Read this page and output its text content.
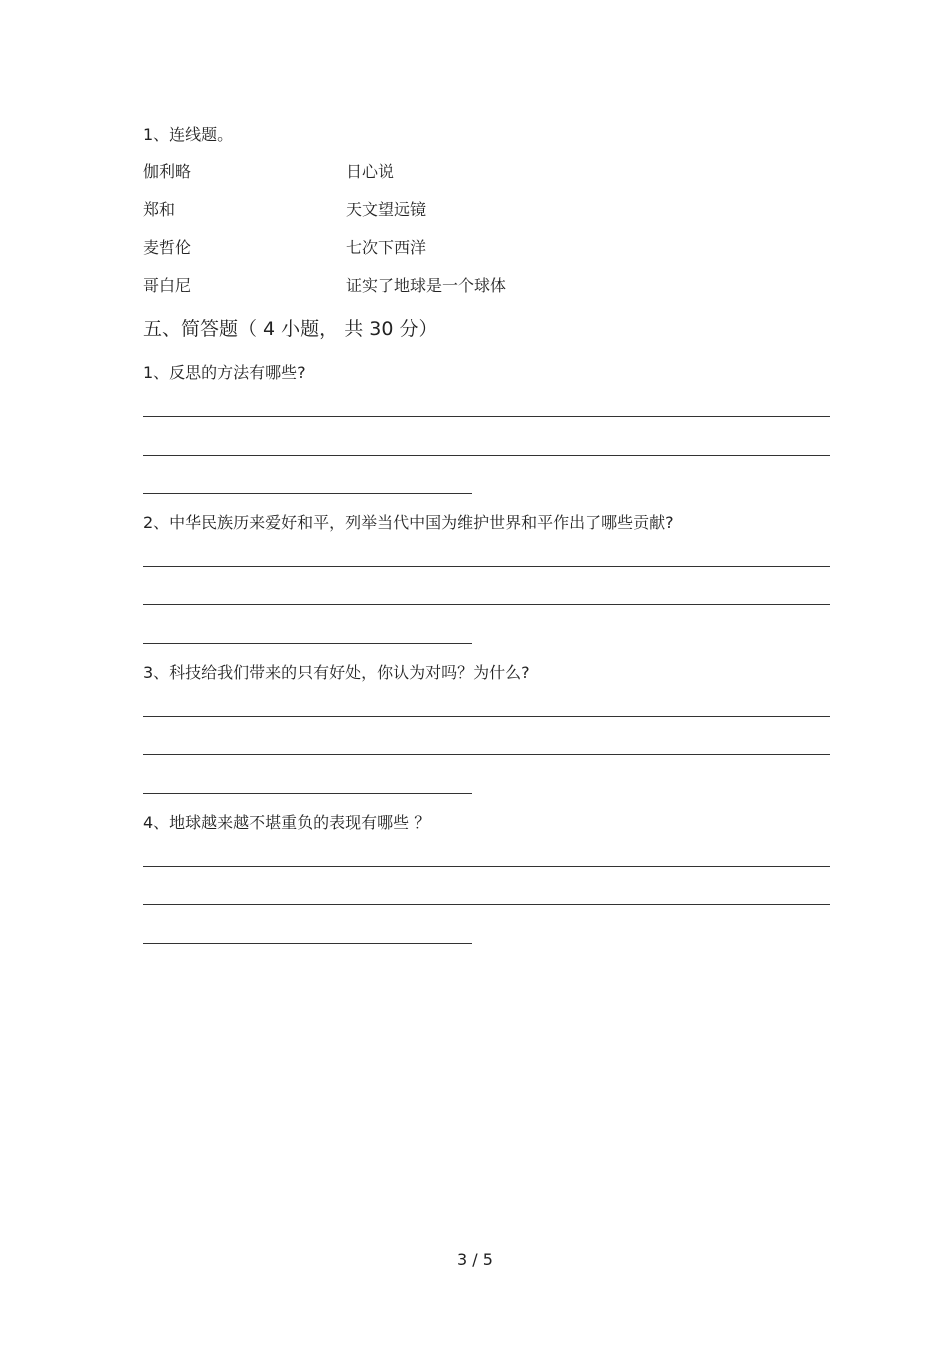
1、连线题。
伽利略	日心说
郑和	天文望远镜
麦哲伦	七次下西洋
哥白尼	证实了地球是一个球体
五、简答题（ 4 小题， 共 30 分）
1、反思的方法有哪些?
2、中华民族历来爱好和平，列举当代中国为维护世界和平作出了哪些贡献?
3、科技给我们带来的只有好处，你认为对吗？为什么?
4、地球越来越不堪重负的表现有哪些 ？
3 / 5
